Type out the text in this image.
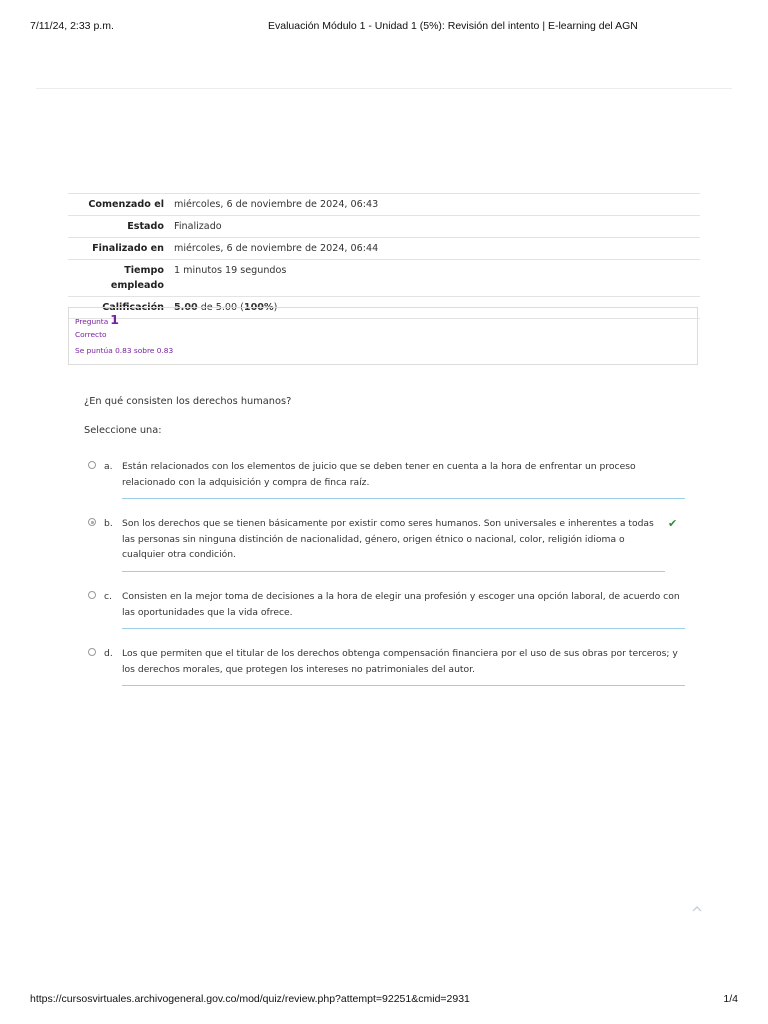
7/11/24, 2:33 p.m.	Evaluación Módulo 1 - Unidad 1 (5%): Revisión del intento | E-learning del AGN
Comenzado el	miércoles, 6 de noviembre de 2024, 06:43
Estado	Finalizado
Finalizado en	miércoles, 6 de noviembre de 2024, 06:44
Tiempo
empleado	1 minutos 19 segundos
Calificación	5.00 de 5.00 (100%)
Pregunta 1
Correcto
Se puntúa 0.83 sobre 0.83
¿En qué consisten los derechos humanos?
Seleccione una:
a. Están relacionados con los elementos de juicio que se deben tener en cuenta a la hora de enfrentar un proceso relacionado con la adquisición y compra de finca raíz.
b. Son los derechos que se tienen básicamente por existir como seres humanos. Son universales e inherentes a todas las personas sin ninguna distinción de nacionalidad, género, origen étnico o nacional, color, religión idioma o cualquier otra condición.
✔
c. Consisten en la mejor toma de decisiones a la hora de elegir una profesión y escoger una opción laboral, de acuerdo con las oportunidades que la vida ofrece.
d. Los que permiten que el titular de los derechos obtenga compensación financiera por el uso de sus obras por terceros; y los derechos morales, que protegen los intereses no patrimoniales del autor.
https://cursosvirtuales.archivogeneral.gov.co/mod/quiz/review.php?attempt=92251&cmid=2931	1/4
